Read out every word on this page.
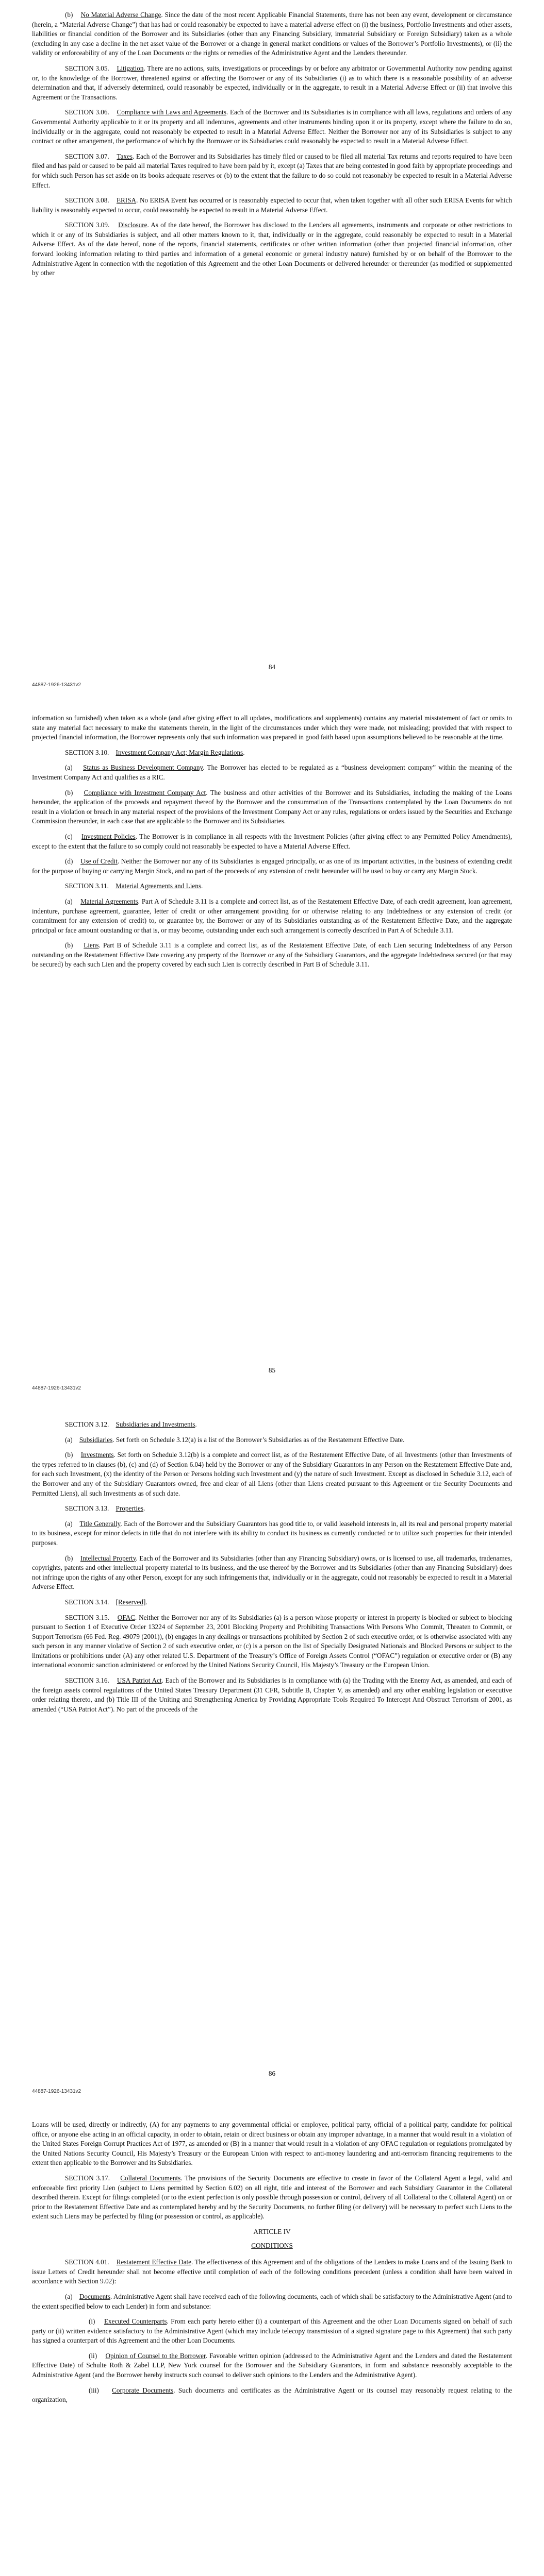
(b) No Material Adverse Change. Since the date of the most recent Applicable Financial Statements, there has not been any event, development or circumstance (herein, a “Material Adverse Change”) that has had or could reasonably be expected to have a material adverse effect on (i) the business, Portfolio Investments and other assets, liabilities or financial condition of the Borrower and its Subsidiaries (other than any Financing Subsidiary, immaterial Subsidiary or Foreign Subsidiary) taken as a whole (excluding in any case a decline in the net asset value of the Borrower or a change in general market conditions or values of the Borrower’s Portfolio Investments), or (ii) the validity or enforceability of any of the Loan Documents or the rights or remedies of the Administrative Agent and the Lenders thereunder.

SECTION 3.05. Litigation. There are no actions, suits, investigations or proceedings by or before any arbitrator or Governmental Authority now pending against or, to the knowledge of the Borrower, threatened against or affecting the Borrower or any of its Subsidiaries (i) as to which there is a reasonable possibility of an adverse determination and that, if adversely determined, could reasonably be expected, individually or in the aggregate, to result in a Material Adverse Effect or (ii) that involve this Agreement or the Transactions.

SECTION 3.06. Compliance with Laws and Agreements. Each of the Borrower and its Subsidiaries is in compliance with all laws, regulations and orders of any Governmental Authority applicable to it or its property and all indentures, agreements and other instruments binding upon it or its property, except where the failure to do so, individually or in the aggregate, could not reasonably be expected to result in a Material Adverse Effect. Neither the Borrower nor any of its Subsidiaries is subject to any contract or other arrangement, the performance of which by the Borrower or its Subsidiaries could reasonably be expected to result in a Material Adverse Effect.

SECTION 3.07. Taxes. Each of the Borrower and its Subsidiaries has timely filed or caused to be filed all material Tax returns and reports required to have been filed and has paid or caused to be paid all material Taxes required to have been paid by it, except (a) Taxes that are being contested in good faith by appropriate proceedings and for which such Person has set aside on its books adequate reserves or (b) to the extent that the failure to do so could not reasonably be expected to result in a Material Adverse Effect.

SECTION 3.08. ERISA. No ERISA Event has occurred or is reasonably expected to occur that, when taken together with all other such ERISA Events for which liability is reasonably expected to occur, could reasonably be expected to result in a Material Adverse Effect.

SECTION 3.09. Disclosure. As of the date hereof, the Borrower has disclosed to the Lenders all agreements, instruments and corporate or other restrictions to which it or any of its Subsidiaries is subject, and all other matters known to it, that, individually or in the aggregate, could reasonably be expected to result in a Material Adverse Effect. As of the date hereof, none of the reports, financial statements, certificates or other written information (other than projected financial information, other forward looking information relating to third parties and information of a general economic or general industry nature) furnished by or on behalf of the Borrower to the Administrative Agent in connection with the negotiation of this Agreement and the other Loan Documents or delivered hereunder or thereunder (as modified or supplemented by other

84
44887-1926-13431v2

information so furnished) when taken as a whole (and after giving effect to all updates, modifications and supplements) contains any material misstatement of fact or omits to state any material fact necessary to make the statements therein, in the light of the circumstances under which they were made, not misleading; provided that with respect to projected financial information, the Borrower represents only that such information was prepared in good faith based upon assumptions believed to be reasonable at the time.

SECTION 3.10. Investment Company Act; Margin Regulations.

(a) Status as Business Development Company. The Borrower has elected to be regulated as a “business development company” within the meaning of the Investment Company Act and qualifies as a RIC.

(b) Compliance with Investment Company Act. The business and other activities of the Borrower and its Subsidiaries, including the making of the Loans hereunder, the application of the proceeds and repayment thereof by the Borrower and the consummation of the Transactions contemplated by the Loan Documents do not result in a violation or breach in any material respect of the provisions of the Investment Company Act or any rules, regulations or orders issued by the Securities and Exchange Commission thereunder, in each case that are applicable to the Borrower and its Subsidiaries.

(c) Investment Policies. The Borrower is in compliance in all respects with the Investment Policies (after giving effect to any Permitted Policy Amendments), except to the extent that the failure to so comply could not reasonably be expected to have a Material Adverse Effect.

(d) Use of Credit. Neither the Borrower nor any of its Subsidiaries is engaged principally, or as one of its important activities, in the business of extending credit for the purpose of buying or carrying Margin Stock, and no part of the proceeds of any extension of credit hereunder will be used to buy or carry any Margin Stock.

SECTION 3.11. Material Agreements and Liens.

(a) Material Agreements. Part A of Schedule 3.11 is a complete and correct list, as of the Restatement Effective Date, of each credit agreement, loan agreement, indenture, purchase agreement, guarantee, letter of credit or other arrangement providing for or otherwise relating to any Indebtedness or any extension of credit (or commitment for any extension of credit) to, or guarantee by, the Borrower or any of its Subsidiaries outstanding as of the Restatement Effective Date, and the aggregate principal or face amount outstanding or that is, or may become, outstanding under each such arrangement is correctly described in Part A of Schedule 3.11.

(b) Liens. Part B of Schedule 3.11 is a complete and correct list, as of the Restatement Effective Date, of each Lien securing Indebtedness of any Person outstanding on the Restatement Effective Date covering any property of the Borrower or any of the Subsidiary Guarantors, and the aggregate Indebtedness secured (or that may be secured) by each such Lien and the property covered by each such Lien is correctly described in Part B of Schedule 3.11.

85
44887-1926-13431v2

SECTION 3.12. Subsidiaries and Investments.

(a) Subsidiaries. Set forth on Schedule 3.12(a) is a list of the Borrower’s Subsidiaries as of the Restatement Effective Date.

(b) Investments. Set forth on Schedule 3.12(b) is a complete and correct list, as of the Restatement Effective Date, of all Investments (other than Investments of the types referred to in clauses (b), (c) and (d) of Section 6.04) held by the Borrower or any of the Subsidiary Guarantors in any Person on the Restatement Effective Date and, for each such Investment, (x) the identity of the Person or Persons holding such Investment and (y) the nature of such Investment. Except as disclosed in Schedule 3.12, each of the Borrower and any of the Subsidiary Guarantors owned, free and clear of all Liens (other than Liens created pursuant to this Agreement or the Security Documents and Permitted Liens), all such Investments as of such date.

SECTION 3.13. Properties.

(a) Title Generally. Each of the Borrower and the Subsidiary Guarantors has good title to, or valid leasehold interests in, all its real and personal property material to its business, except for minor defects in title that do not interfere with its ability to conduct its business as currently conducted or to utilize such properties for their intended purposes.

(b) Intellectual Property. Each of the Borrower and its Subsidiaries (other than any Financing Subsidiary) owns, or is licensed to use, all trademarks, tradenames, copyrights, patents and other intellectual property material to its business, and the use thereof by the Borrower and its Subsidiaries (other than any Financing Subsidiary) does not infringe upon the rights of any other Person, except for any such infringements that, individually or in the aggregate, could not reasonably be expected to result in a Material Adverse Effect.

SECTION 3.14. [Reserved].

SECTION 3.15. OFAC. Neither the Borrower nor any of its Subsidiaries (a) is a person whose property or interest in property is blocked or subject to blocking pursuant to Section 1 of Executive Order 13224 of September 23, 2001 Blocking Property and Prohibiting Transactions With Persons Who Commit, Threaten to Commit, or Support Terrorism (66 Fed. Reg. 49079 (2001)), (b) engages in any dealings or transactions prohibited by Section 2 of such executive order, or is otherwise associated with any such person in any manner violative of Section 2 of such executive order, or (c) is a person on the list of Specially Designated Nationals and Blocked Persons or subject to the limitations or prohibitions under (A) any other related U.S. Department of the Treasury’s Office of Foreign Assets Control (“OFAC”) regulation or executive order or (B) any international economic sanction administered or enforced by the United Nations Security Council, His Majesty’s Treasury or the European Union.

SECTION 3.16. USA Patriot Act. Each of the Borrower and its Subsidiaries is in compliance with (a) the Trading with the Enemy Act, as amended, and each of the foreign assets control regulations of the United States Treasury Department (31 CFR, Subtitle B, Chapter V, as amended) and any other enabling legislation or executive order relating thereto, and (b) Title III of the Uniting and Strengthening America by Providing Appropriate Tools Required To Intercept And Obstruct Terrorism of 2001, as amended (“USA Patriot Act”). No part of the proceeds of the

86
44887-1926-13431v2

Loans will be used, directly or indirectly, (A) for any payments to any governmental official or employee, political party, official of a political party, candidate for political office, or anyone else acting in an official capacity, in order to obtain, retain or direct business or obtain any improper advantage, in a manner that would result in a violation of the United States Foreign Corrupt Practices Act of 1977, as amended or (B) in a manner that would result in a violation of any OFAC regulation or regulations promulgated by the United Nations Security Council, His Majesty’s Treasury or the European Union with respect to anti-money laundering and anti-terrorism financing requirements to the extent then applicable to the Borrower and its Subsidiaries.

SECTION 3.17. Collateral Documents. The provisions of the Security Documents are effective to create in favor of the Collateral Agent a legal, valid and enforceable first priority Lien (subject to Liens permitted by Section 6.02) on all right, title and interest of the Borrower and each Subsidiary Guarantor in the Collateral described therein. Except for filings completed (or to the extent perfection is only possible through possession or control, delivery of all Collateral to the Collateral Agent) on or prior to the Restatement Effective Date and as contemplated hereby and by the Security Documents, no further filing (or delivery) will be necessary to perfect such Liens to the extent such Liens may be perfected by filing (or possession or control, as applicable).

ARTICLE IV
CONDITIONS

SECTION 4.01. Restatement Effective Date. The effectiveness of this Agreement and of the obligations of the Lenders to make Loans and of the Issuing Bank to issue Letters of Credit hereunder shall not become effective until completion of each of the following conditions precedent (unless a condition shall have been waived in accordance with Section 9.02):

(a) Documents. Administrative Agent shall have received each of the following documents, each of which shall be satisfactory to the Administrative Agent (and to the extent specified below to each Lender) in form and substance:

(i) Executed Counterparts. From each party hereto either (i) a counterpart of this Agreement and the other Loan Documents signed on behalf of such party or (ii) written evidence satisfactory to the Administrative Agent (which may include telecopy transmission of a signed signature page to this Agreement) that such party has signed a counterpart of this Agreement and the other Loan Documents.

(ii) Opinion of Counsel to the Borrower. Favorable written opinion (addressed to the Administrative Agent and the Lenders and dated the Restatement Effective Date) of Schulte Roth & Zabel LLP, New York counsel for the Borrower and the Subsidiary Guarantors, in form and substance reasonably acceptable to the Administrative Agent (and the Borrower hereby instructs such counsel to deliver such opinions to the Lenders and the Administrative Agent).

(iii) Corporate Documents. Such documents and certificates as the Administrative Agent or its counsel may reasonably request relating to the organization,
